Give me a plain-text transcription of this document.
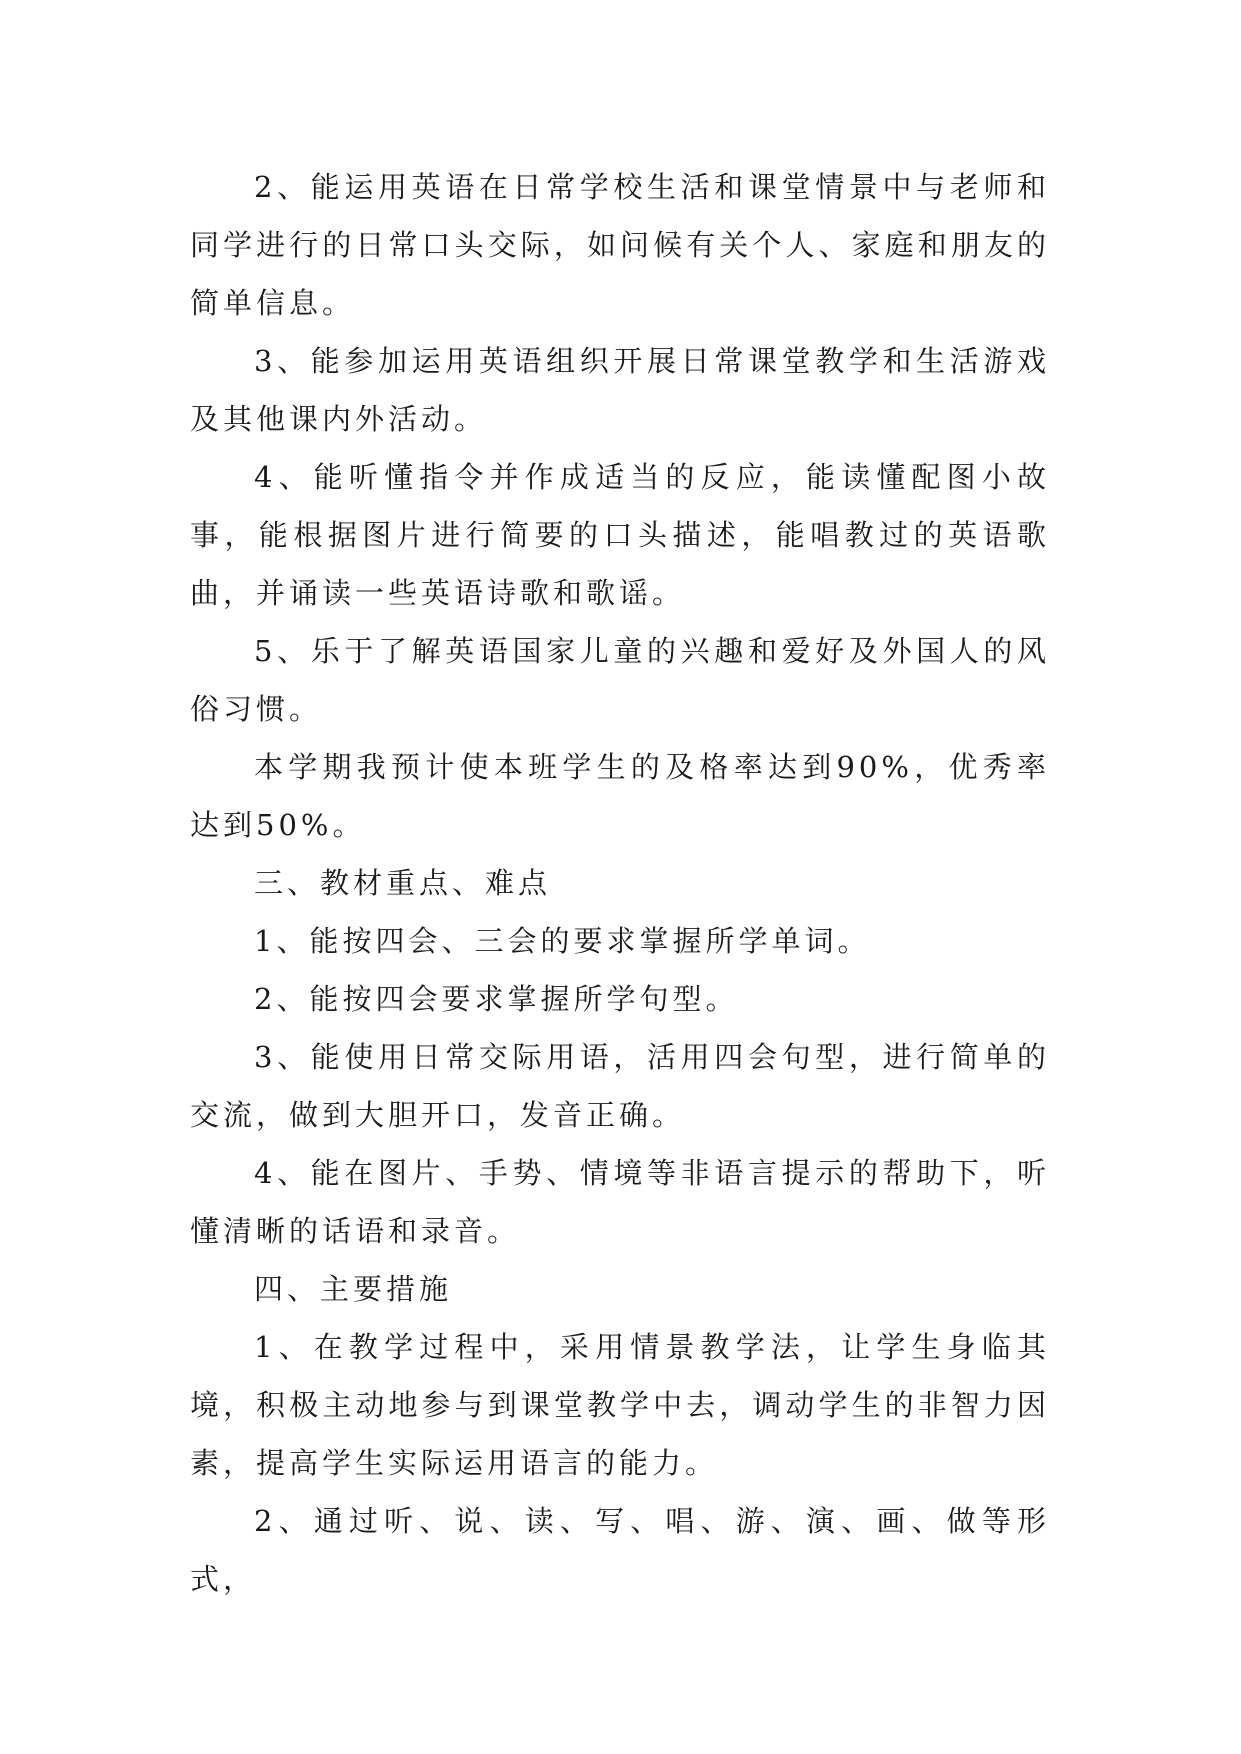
2、能运用英语在日常学校生活和课堂情景中与老师和同学进行的日常口头交际，如问候有关个人、家庭和朋友的简单信息。

3、能参加运用英语组织开展日常课堂教学和生活游戏及其他课内外活动。

4、能听懂指令并作成适当的反应，能读懂配图小故事，能根据图片进行简要的口头描述，能唱教过的英语歌曲，并诵读一些英语诗歌和歌谣。

5、乐于了解英语国家儿童的兴趣和爱好及外国人的风俗习惯。

本学期我预计使本班学生的及格率达到90%，优秀率达到50%。

三、教材重点、难点

1、能按四会、三会的要求掌握所学单词。

2、能按四会要求掌握所学句型。

3、能使用日常交际用语，活用四会句型，进行简单的交流，做到大胆开口，发音正确。

4、能在图片、手势、情境等非语言提示的帮助下，听懂清晰的话语和录音。

四、主要措施

1、在教学过程中，采用情景教学法，让学生身临其境，积极主动地参与到课堂教学中去，调动学生的非智力因素，提高学生实际运用语言的能力。

2、通过听、说、读、写、唱、游、演、画、做等形式，
